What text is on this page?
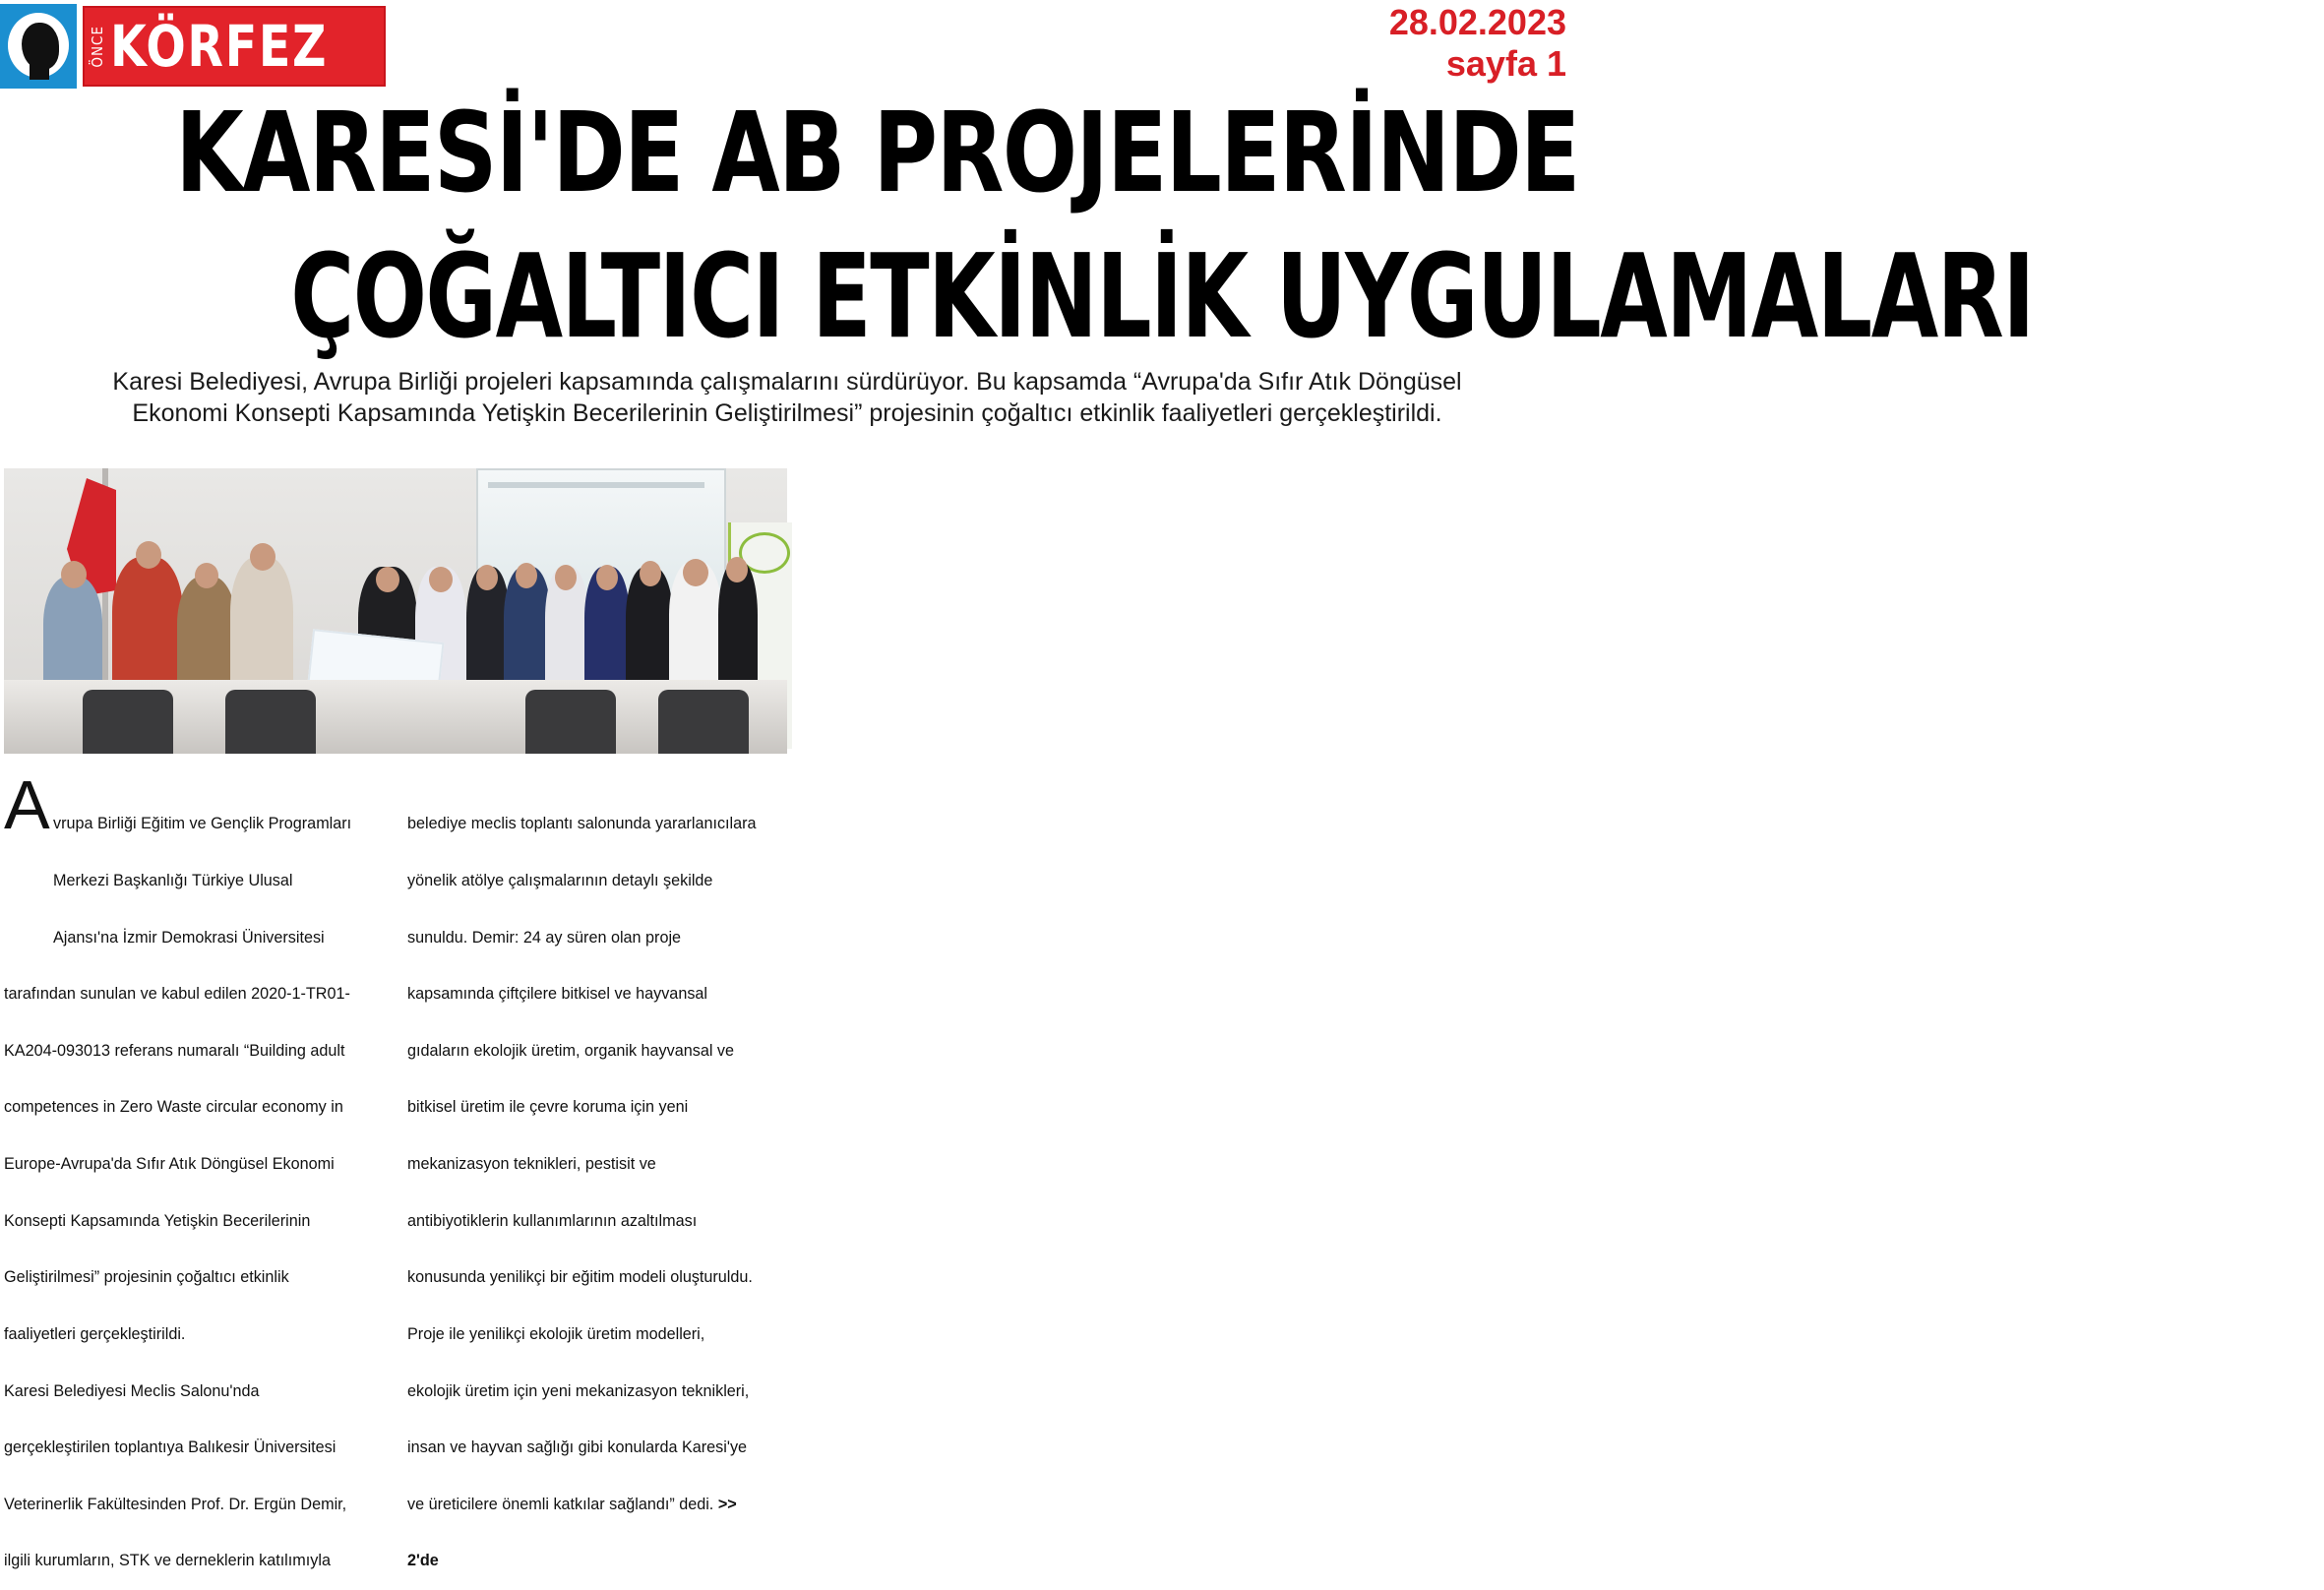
ÖNCE KÖRFEZ	28.02.2023
sayfa 1
KARESİ'DE AB PROJELERİNDE
ÇOĞALTICI ETKİNLİK UYGULAMALARI
Karesi Belediyesi, Avrupa Birliği projeleri kapsamında çalışmalarını sürdürüyor. Bu kapsamda “Avrupa'da Sıfır Atık Döngüsel
Ekonomi Konsepti Kapsamında Yetişkin Becerilerinin Geliştirilmesi” projesinin çoğaltıcı etkinlik faaliyetleri gerçekleştirildi.
A

vrupa Birliği Eğitim ve Gençlik Programları

Merkezi Başkanlığı Türkiye Ulusal

Ajansı'na İzmir Demokrasi Üniversitesi

tarafından sunulan ve kabul edilen 2020-1-TR01-

KA204-093013 referans numaralı “Building adult

competences in Zero Waste circular economy in

Europe-Avrupa'da Sıfır Atık Döngüsel Ekonomi

Konsepti Kapsamında Yetişkin Becerilerinin

Geliştirilmesi” projesinin çoğaltıcı etkinlik

faaliyetleri gerçekleştirildi.

Karesi Belediyesi Meclis Salonu'nda

gerçekleştirilen toplantıya Balıkesir Üniversitesi

Veterinerlik Fakültesinden Prof. Dr. Ergün Demir,

ilgili kurumların, STK ve derneklerin katılımıyla

belediye meclis toplantı salonunda yararlanıcılara

yönelik atölye çalışmalarının detaylı şekilde

sunuldu. Demir: 24 ay süren olan proje

kapsamında çiftçilere bitkisel ve hayvansal

gıdaların ekolojik üretim, organik hayvansal ve

bitkisel üretim ile çevre koruma için yeni

mekanizasyon teknikleri, pestisit ve

antibiyotiklerin kullanımlarının azaltılması

konusunda yenilikçi bir eğitim modeli oluşturuldu.

Proje ile yenilikçi ekolojik üretim modelleri,

ekolojik üretim için yeni mekanizasyon teknikleri,

insan ve hayvan sağlığı gibi konularda Karesi'ye

ve üreticilere önemli katkılar sağlandı” dedi. >>

2'de
